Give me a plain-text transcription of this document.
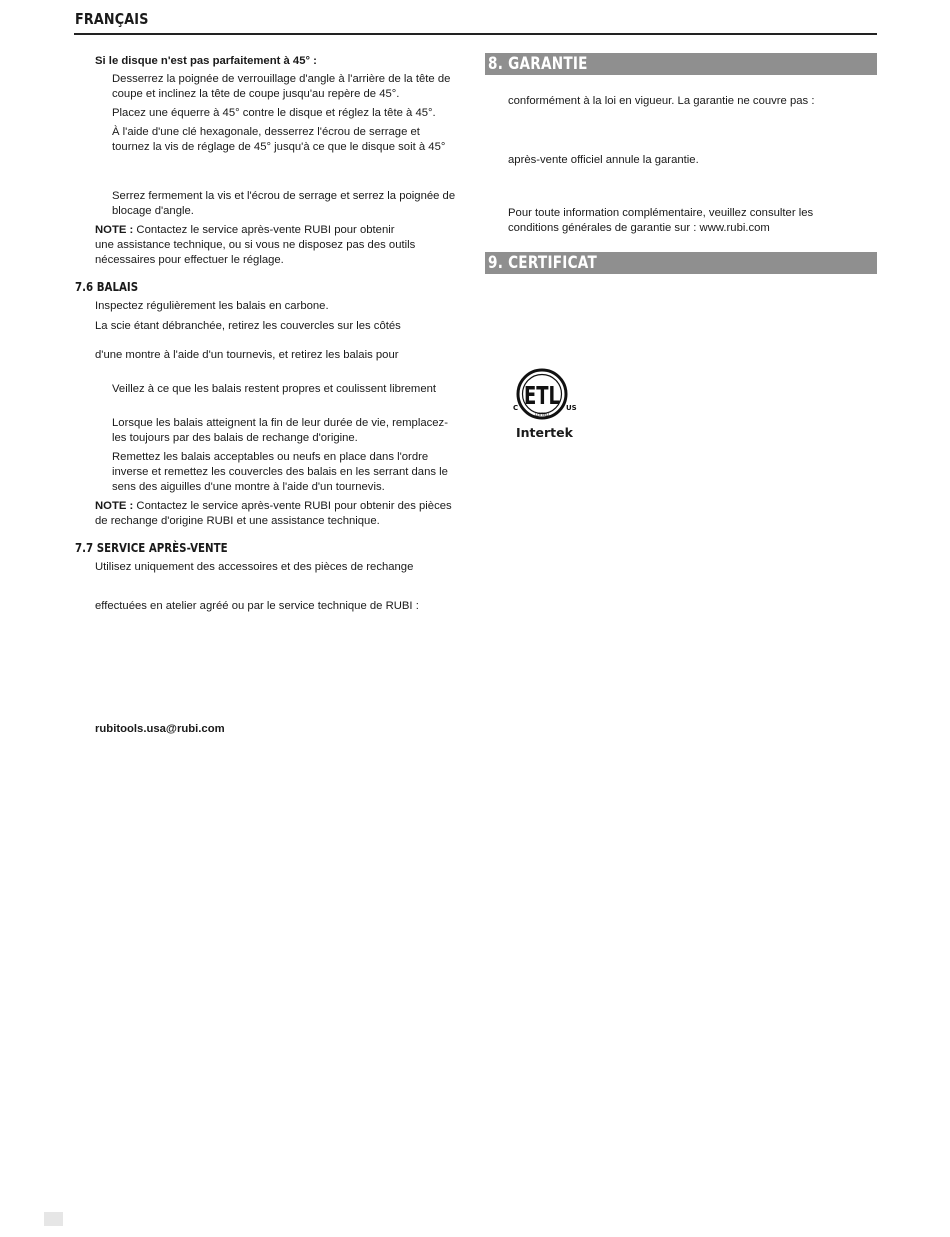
FRANÇAIS
Si le disque n'est pas parfaitement à 45° :
Desserrez la poignée de verrouillage d'angle à l'arrière de la tête de
coupe et inclinez la tête de coupe jusqu'au repère de 45°.
Placez une équerre à 45° contre le disque et réglez la tête à 45°.
À l'aide d'une clé hexagonale, desserrez l'écrou de serrage et
tournez la vis de réglage de 45° jusqu'à ce que le disque soit à 45°
Serrez fermement la vis et l'écrou de serrage et serrez la poignée de
blocage d'angle.
NOTE : Contactez le service après-vente RUBI pour obtenir
une assistance technique, ou si vous ne disposez pas des outils
nécessaires pour effectuer le réglage.
7.6 BALAIS
Inspectez régulièrement les balais en carbone.
La scie étant débranchée, retirez les couvercles sur les côtés
d'une montre à l'aide d'un tournevis, et retirez les balais pour
Veillez à ce que les balais restent propres et coulissent librement
Lorsque les balais atteignent la fin de leur durée de vie, remplacez-
les toujours par des balais de rechange d'origine.
Remettez les balais acceptables ou neufs en place dans l'ordre
inverse et remettez les couvercles des balais en les serrant dans le
sens des aiguilles d'une montre à l'aide d'un tournevis.
NOTE : Contactez le service après-vente RUBI pour obtenir des pièces
de rechange d'origine RUBI et une assistance technique.
7.7 SERVICE APRÈS-VENTE
Utilisez uniquement des accessoires et des pièces de rechange
effectuées en atelier agréé ou par le service technique de RUBI :
rubitools.usa@rubi.com
8. GARANTIE
conformément à la loi en vigueur. La garantie ne couvre pas :
après-vente officiel annule la garantie.
Pour toute information complémentaire, veuillez consulter les
conditions générales de garantie sur : www.rubi.com
9. CERTIFICAT
ETL
C	US
LISTED
Intertek
